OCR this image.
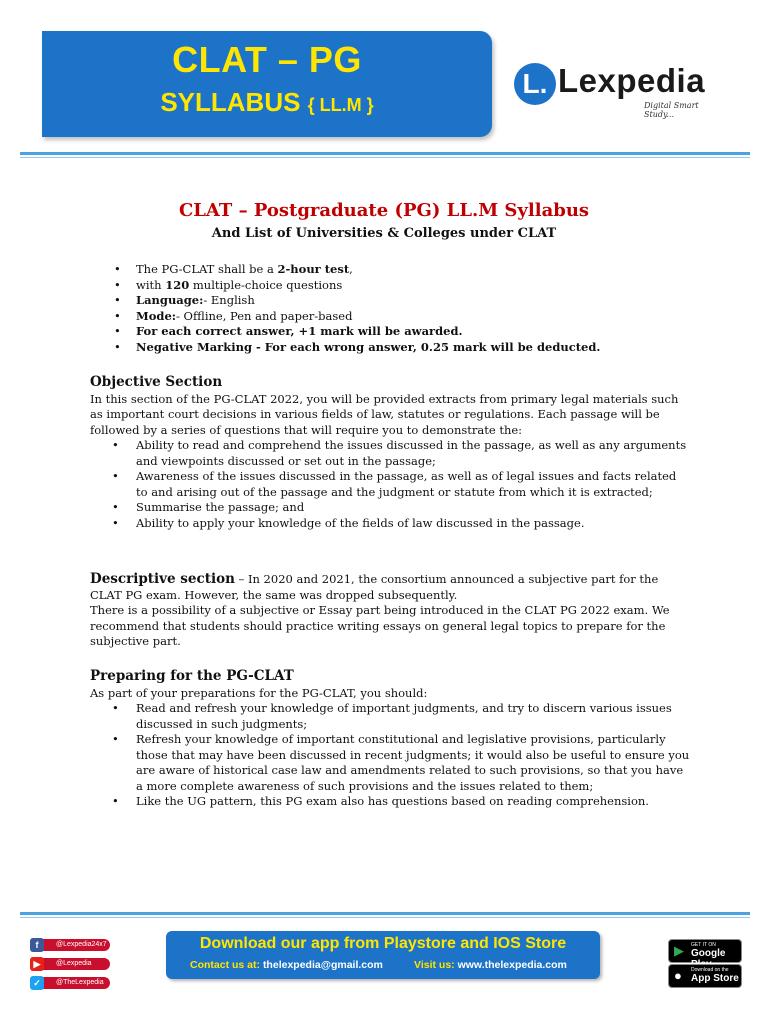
CLAT – PG
SYLLABUS { LL.M }
L. Lexpedia
Digital Smart Study...
CLAT – Postgraduate (PG) LL.M Syllabus
And List of Universities & Colleges under CLAT
• The PG-CLAT shall be a 2-hour test,
• with 120 multiple-choice questions
• Language:- English
• Mode:- Offline, Pen and paper-based
• For each correct answer, +1 mark will be awarded.
• Negative Marking - For each wrong answer, 0.25 mark will be deducted.
Objective Section
In this section of the PG-CLAT 2022, you will be provided extracts from primary legal materials such as important court decisions in various fields of law, statutes or regulations. Each passage will be followed by a series of questions that will require you to demonstrate the:
• Ability to read and comprehend the issues discussed in the passage, as well as any arguments and viewpoints discussed or set out in the passage;
• Awareness of the issues discussed in the passage, as well as of legal issues and facts related to and arising out of the passage and the judgment or statute from which it is extracted;
• Summarise the passage; and
• Ability to apply your knowledge of the fields of law discussed in the passage.
Descriptive section – In 2020 and 2021, the consortium announced a subjective part for the CLAT PG exam. However, the same was dropped subsequently.
There is a possibility of a subjective or Essay part being introduced in the CLAT PG 2022 exam. We recommend that students should practice writing essays on general legal topics to prepare for the subjective part.
Preparing for the PG-CLAT
As part of your preparations for the PG-CLAT, you should:
• Read and refresh your knowledge of important judgments, and try to discern various issues discussed in such judgments;
• Refresh your knowledge of important constitutional and legislative provisions, particularly those that may have been discussed in recent judgments; it would also be useful to ensure you are aware of historical case law and amendments related to such provisions, so that you have a more complete awareness of such provisions and the issues related to them;
• Like the UG pattern, this PG exam also has questions based on reading comprehension.
f	@Lexpedia24x7
▶	@Lexpedia
✓	@TheLexpedia
Download our app from Playstore and IOS Store
Contact us at: thelexpedia@gmail.com	Visit us: www.thelexpedia.com
▶ GET IT ON
Google
● Download on the
App Store
